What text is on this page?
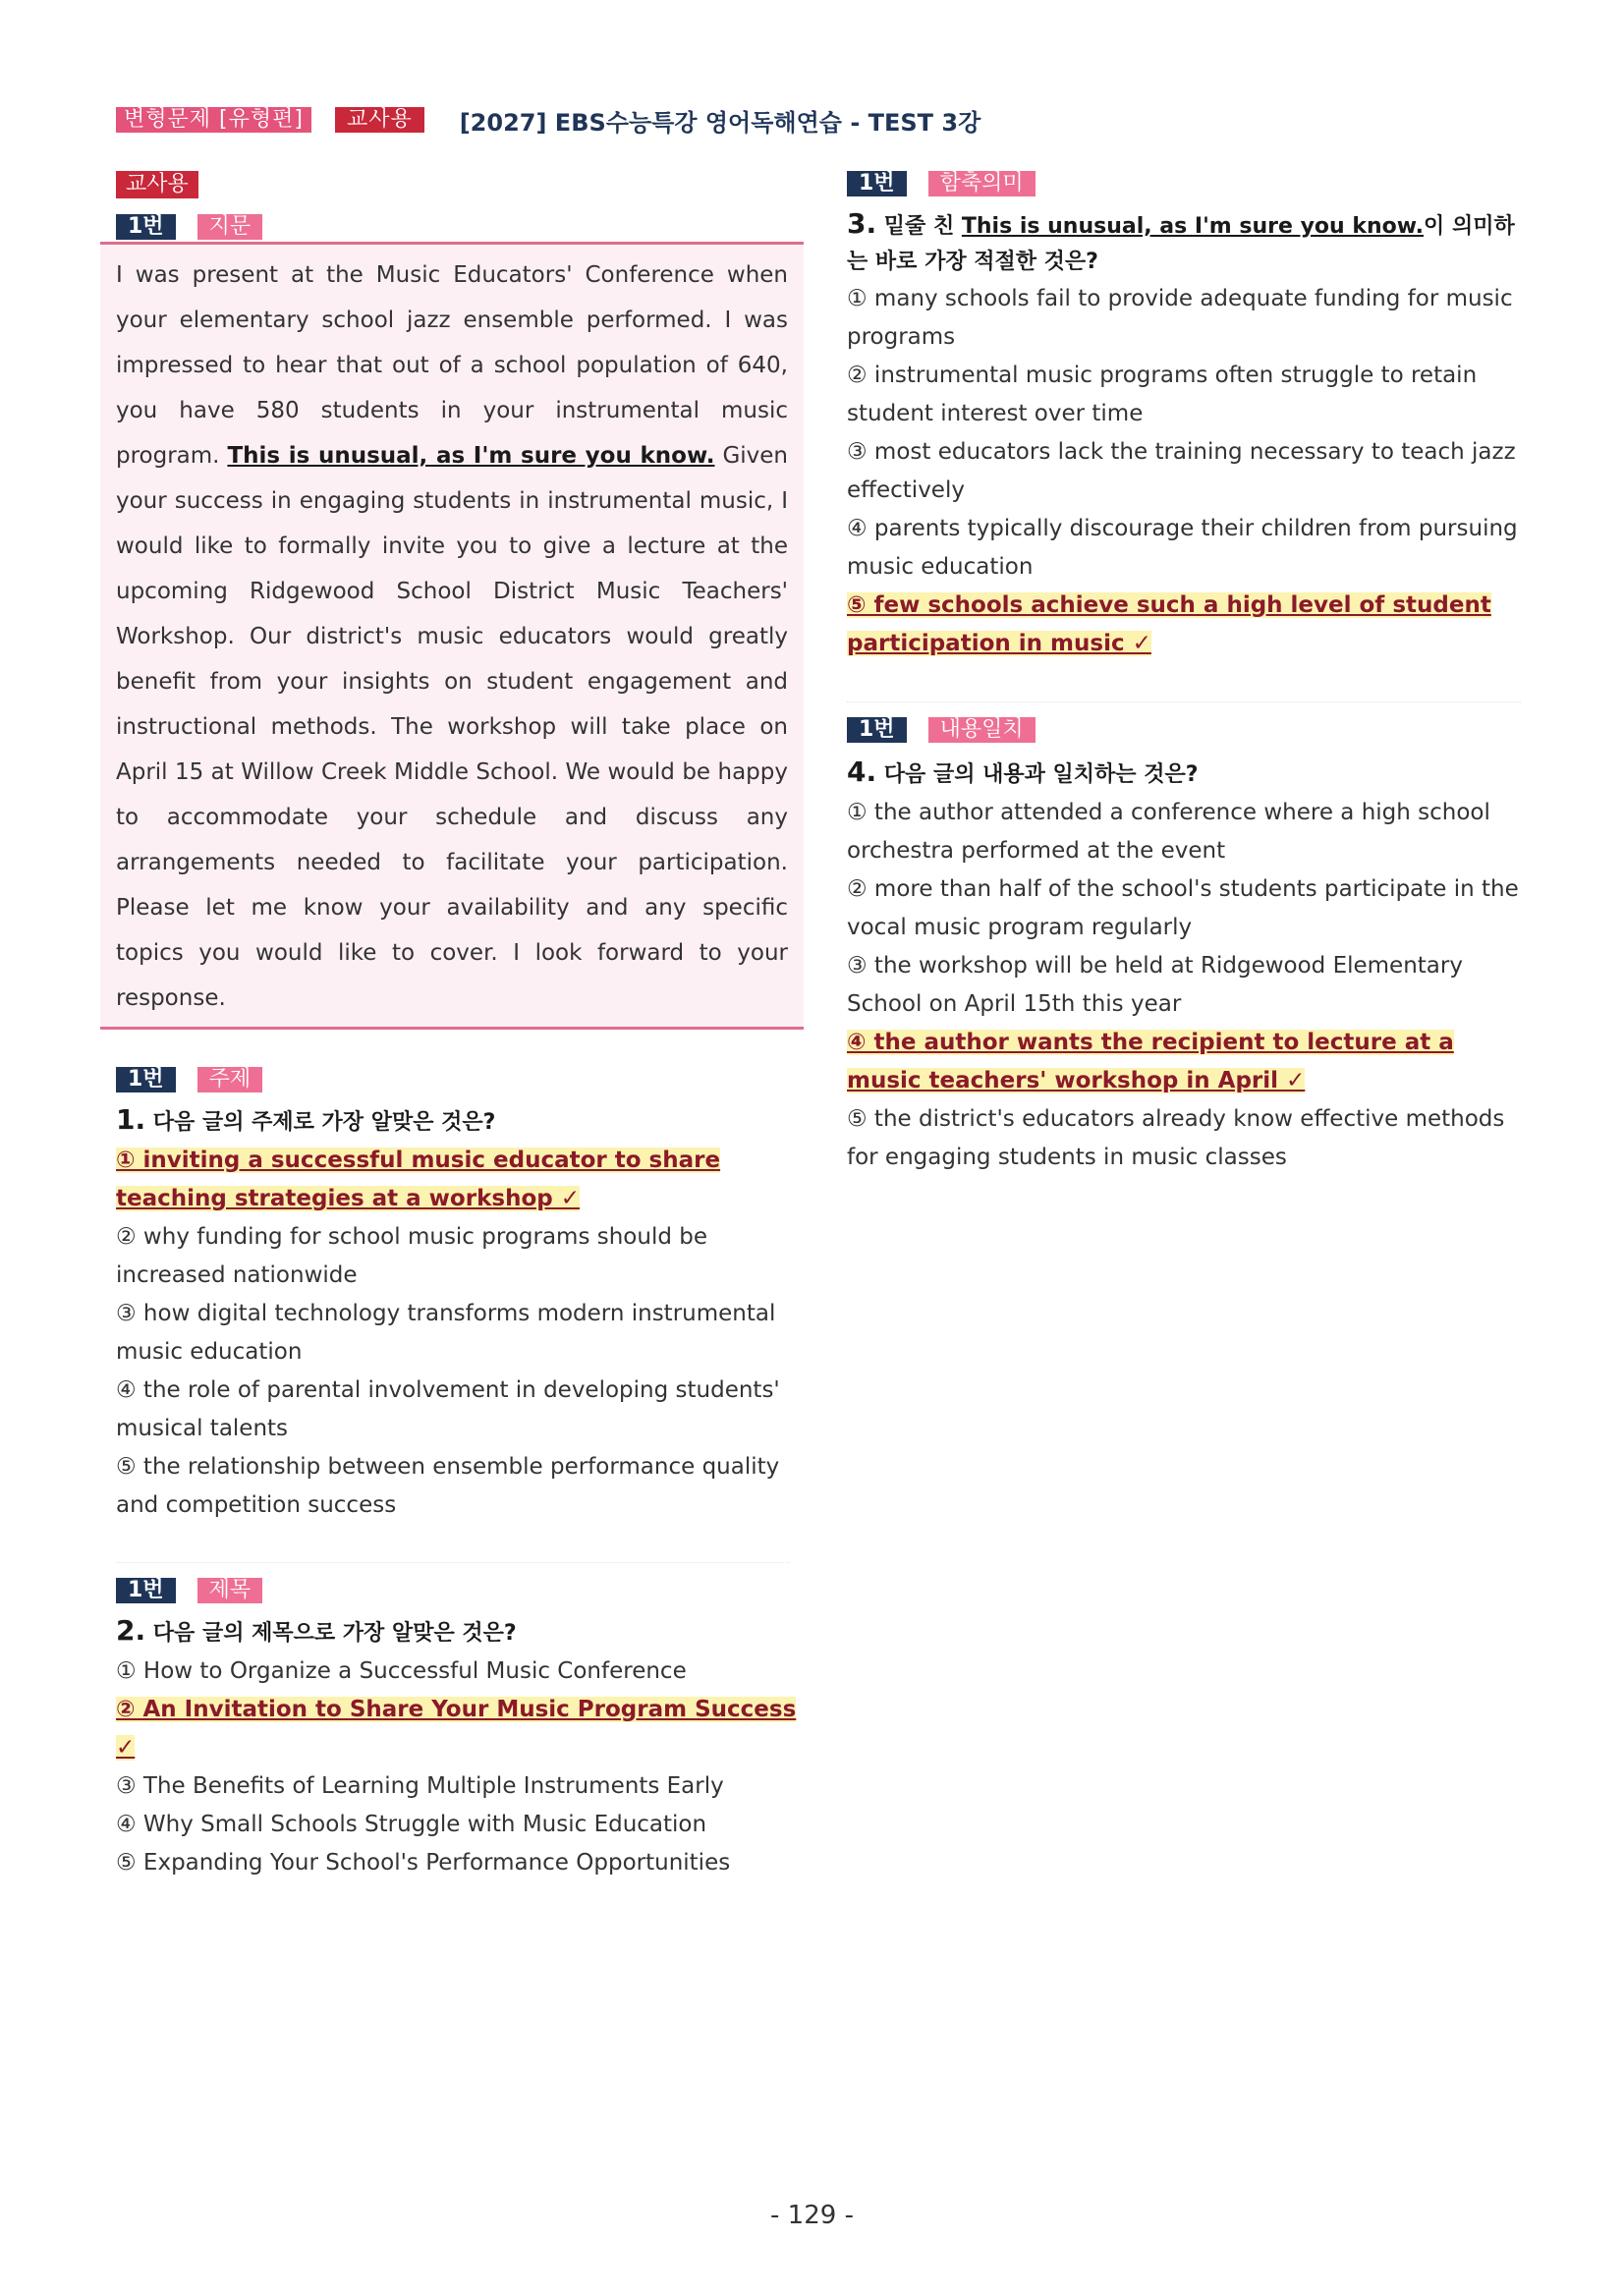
변형문제 [유형편]	교사용	[2027] EBS수능특강 영어독해연습 - TEST 3강
교사용
1번	지문
I was present at the Music Educators' Conference when your elementary school jazz ensemble performed. I was impressed to hear that out of a school population of 640, you have 580 students in your instrumental music program. This is unusual, as I'm sure you know. Given your success in engaging students in instrumental music, I would like to formally invite you to give a lecture at the upcoming Ridgewood School District Music Teachers' Workshop. Our district's music educators would greatly benefit from your insights on student engagement and instructional methods. The workshop will take place on April 15 at Willow Creek Middle School. We would be happy to accommodate your schedule and discuss any arrangements needed to facilitate your participation. Please let me know your availability and any specific topics you would like to cover. I look forward to your response.
1번	주제
1. 다음 글의 주제로 가장 알맞은 것은?
① inviting a successful music educator to share teaching strategies at a workshop ✓
② why funding for school music programs should be increased nationwide
③ how digital technology transforms modern instrumental music education
④ the role of parental involvement in developing students' musical talents
⑤ the relationship between ensemble performance quality and competition success
1번	제목
2. 다음 글의 제목으로 가장 알맞은 것은?
① How to Organize a Successful Music Conference
② An Invitation to Share Your Music Program Success ✓
③ The Benefits of Learning Multiple Instruments Early
④ Why Small Schools Struggle with Music Education
⑤ Expanding Your School's Performance Opportunities
1번	함축의미
3. 밑줄 친 This is unusual, as I'm sure you know.이 의미하는 바로 가장 적절한 것은?
① many schools fail to provide adequate funding for music programs
② instrumental music programs often struggle to retain student interest over time
③ most educators lack the training necessary to teach jazz effectively
④ parents typically discourage their children from pursuing music education
⑤ few schools achieve such a high level of student participation in music ✓
1번	내용일치
4. 다음 글의 내용과 일치하는 것은?
① the author attended a conference where a high school orchestra performed at the event
② more than half of the school's students participate in the vocal music program regularly
③ the workshop will be held at Ridgewood Elementary School on April 15th this year
④ the author wants the recipient to lecture at a music teachers' workshop in April ✓
⑤ the district's educators already know effective methods for engaging students in music classes
- 129 -
